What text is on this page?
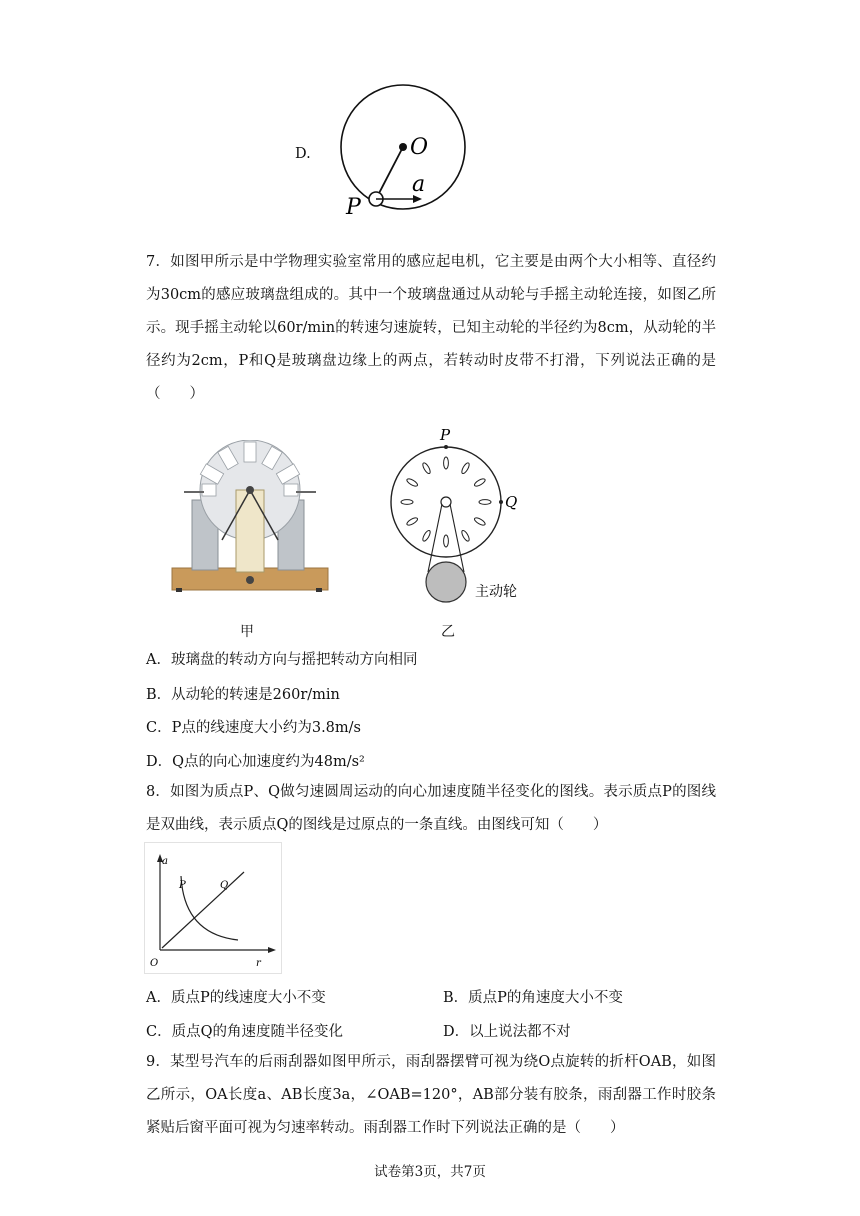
D.	O
P
a
7．如图甲所示是中学物理实验室常用的感应起电机，它主要是由两个大小相等、直径约为30cm的感应玻璃盘组成的。其中一个玻璃盘通过从动轮与手摇主动轮连接，如图乙所示。现手摇主动轮以60r/min的转速匀速旋转，已知主动轮的半径约为8cm，从动轮的半径约为2cm，P和Q是玻璃盘边缘上的两点，若转动时皮带不打滑，下列说法正确的是（　　）
甲
P
Q
主动轮
乙
A．玻璃盘的转动方向与摇把转动方向相同
B．从动轮的转速是260r/min
C．P点的线速度大小约为3.8m/s
D．Q点的向心加速度约为48m/s²
8．如图为质点P、Q做匀速圆周运动的向心加速度随半径变化的图线。表示质点P的图线是双曲线，表示质点Q的图线是过原点的一条直线。由图线可知（　　）
a
r
O
P	Q
A．质点P的线速度大小不变	B．质点P的角速度大小不变
C．质点Q的角速度随半径变化	D．以上说法都不对
9．某型号汽车的后雨刮器如图甲所示，雨刮器摆臂可视为绕O点旋转的折杆OAB，如图乙所示，OA长度a、AB长度3a，∠OAB=120°，AB部分装有胶条，雨刮器工作时胶条紧贴后窗平面可视为匀速率转动。雨刮器工作时下列说法正确的是（　　）
试卷第3页，共7页
